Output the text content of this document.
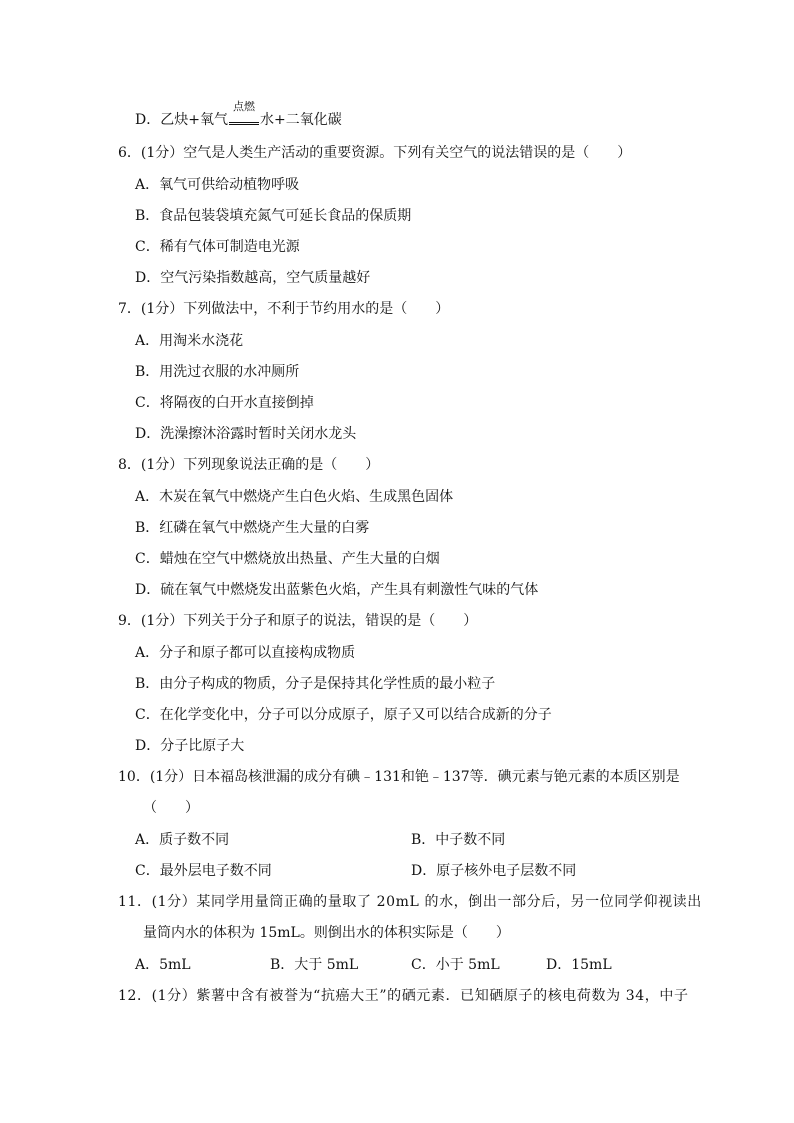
D．乙炔+氧气
点燃
水+二氧化碳
6．(1分）空气是人类生产活动的重要资源。下列有关空气的说法错误的是（　　）
A．氧气可供给动植物呼吸
B．食品包装袋填充氮气可延长食品的保质期
C．稀有气体可制造电光源
D．空气污染指数越高，空气质量越好
7．(1分）下列做法中，不利于节约用水的是（　　）
A．用淘米水浇花
B．用洗过衣服的水冲厕所
C．将隔夜的白开水直接倒掉
D．洗澡擦沐浴露时暂时关闭水龙头
8．(1分）下列现象说法正确的是（　　）
A．木炭在氧气中燃烧产生白色火焰、生成黑色固体
B．红磷在氧气中燃烧产生大量的白雾
C．蜡烛在空气中燃烧放出热量、产生大量的白烟
D．硫在氧气中燃烧发出蓝紫色火焰，产生具有刺激性气味的气体
9．(1分）下列关于分子和原子的说法，错误的是（　　）
A．分子和原子都可以直接构成物质
B．由分子构成的物质，分子是保持其化学性质的最小粒子
C．在化学变化中，分子可以分成原子，原子又可以结合成新的分子
D．分子比原子大
10．(1分）日本福岛核泄漏的成分有碘﹣131和铯﹣137等．碘元素与铯元素的本质区别是
（　　）
A．质子数不同	B．中子数不同
C．最外层电子数不同	D．原子核外电子层数不同
11．(1分）某同学用量筒正确的量取了 20mL 的水，倒出一部分后，另一位同学仰视读出
量筒内水的体积为 15mL。则倒出水的体积实际是（　　）
A．5mL	B．大于 5mL	C．小于 5mL	D．15mL
12．(1分）紫薯中含有被誉为“抗癌大王”的硒元素．已知硒原子的核电荷数为 34，中子
